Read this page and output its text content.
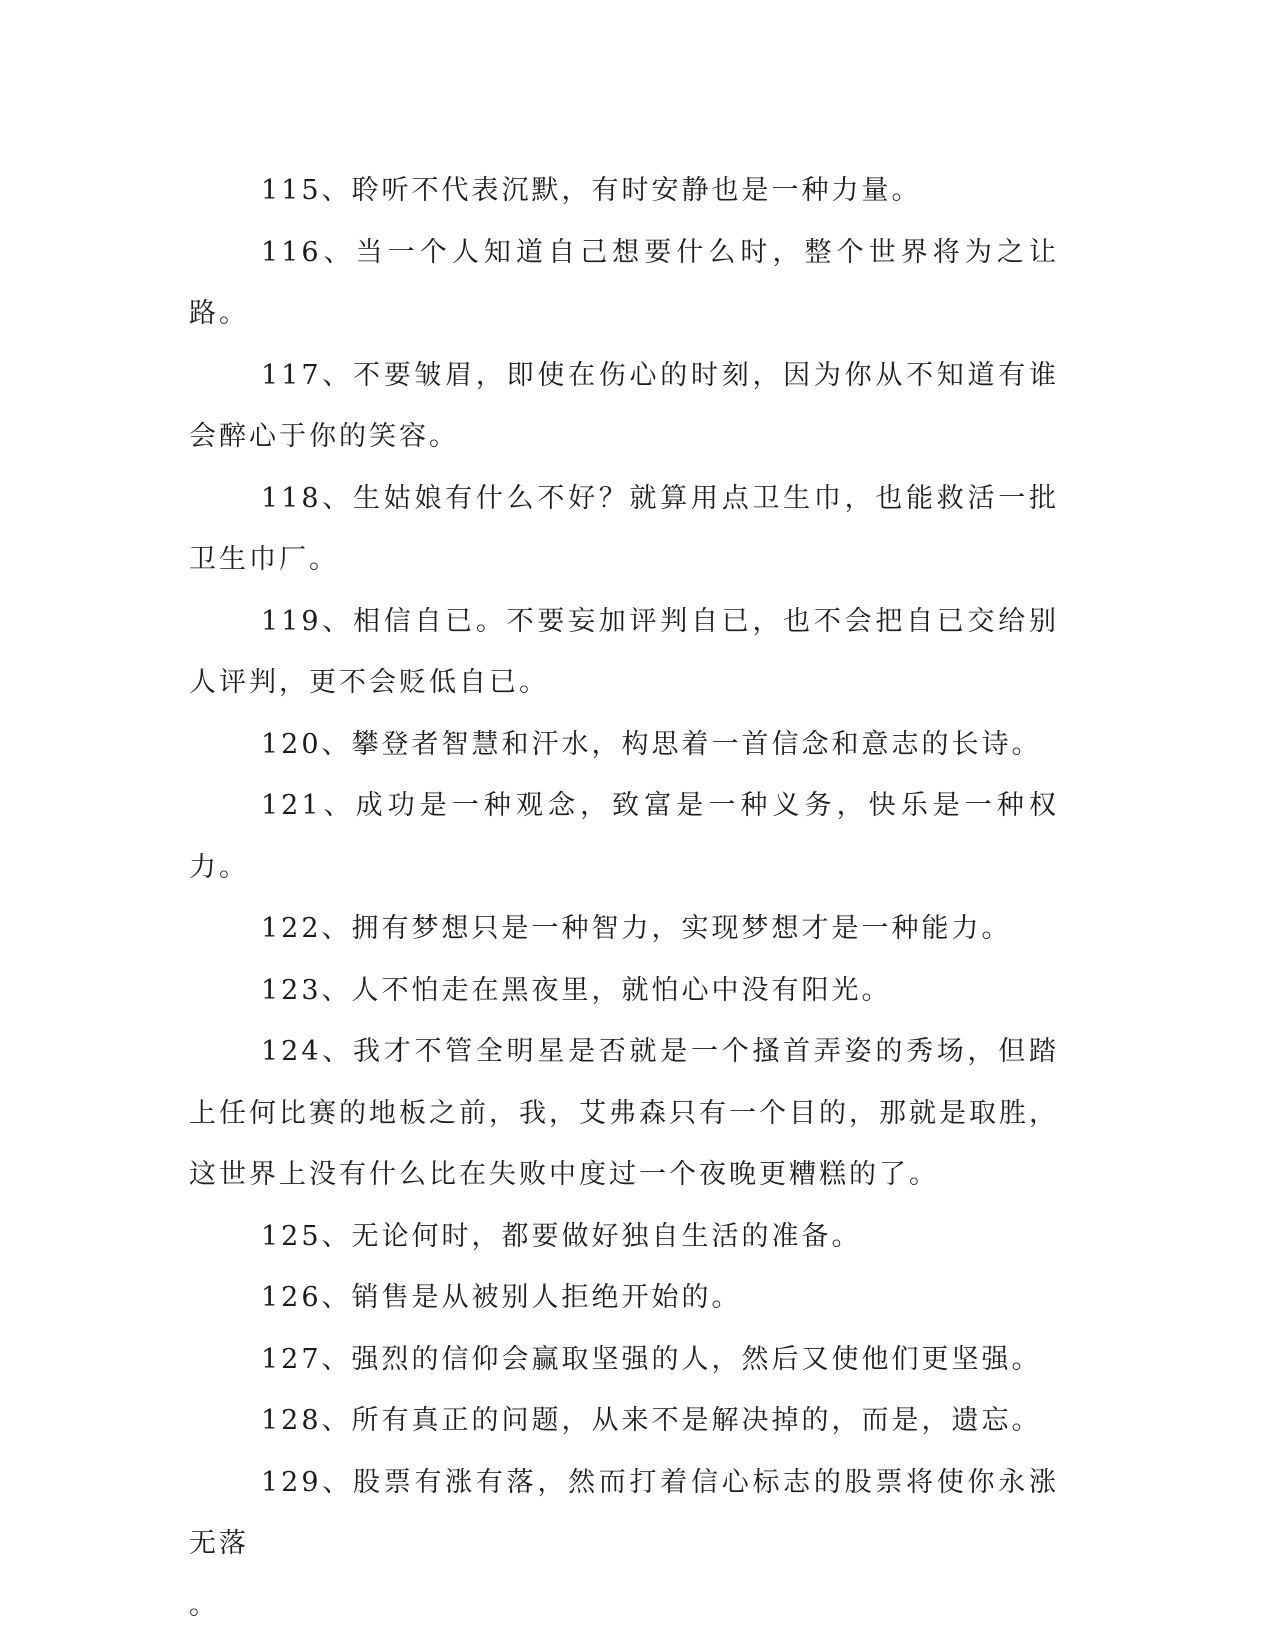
115、聆听不代表沉默，有时安静也是一种力量。

116、当一个人知道自己想要什么时，整个世界将为之让路。

117、不要皱眉，即使在伤心的时刻，因为你从不知道有谁会醉心于你的笑容。

118、生姑娘有什么不好？就算用点卫生巾，也能救活一批卫生巾厂。

119、相信自已。不要妄加评判自已，也不会把自已交给别人评判，更不会贬低自已。

120、攀登者智慧和汗水，构思着一首信念和意志的长诗。

121、成功是一种观念，致富是一种义务，快乐是一种权力。

122、拥有梦想只是一种智力，实现梦想才是一种能力。

123、人不怕走在黑夜里，就怕心中没有阳光。

124、我才不管全明星是否就是一个搔首弄姿的秀场，但踏上任何比赛的地板之前，我，艾弗森只有一个目的，那就是取胜，这世界上没有什么比在失败中度过一个夜晚更糟糕的了。

125、无论何时，都要做好独自生活的准备。

126、销售是从被别人拒绝开始的。

127、强烈的信仰会赢取坚强的人，然后又使他们更坚强。

128、所有真正的问题，从来不是解决掉的，而是，遗忘。

129、股票有涨有落，然而打着信心标志的股票将使你永涨无落

。
